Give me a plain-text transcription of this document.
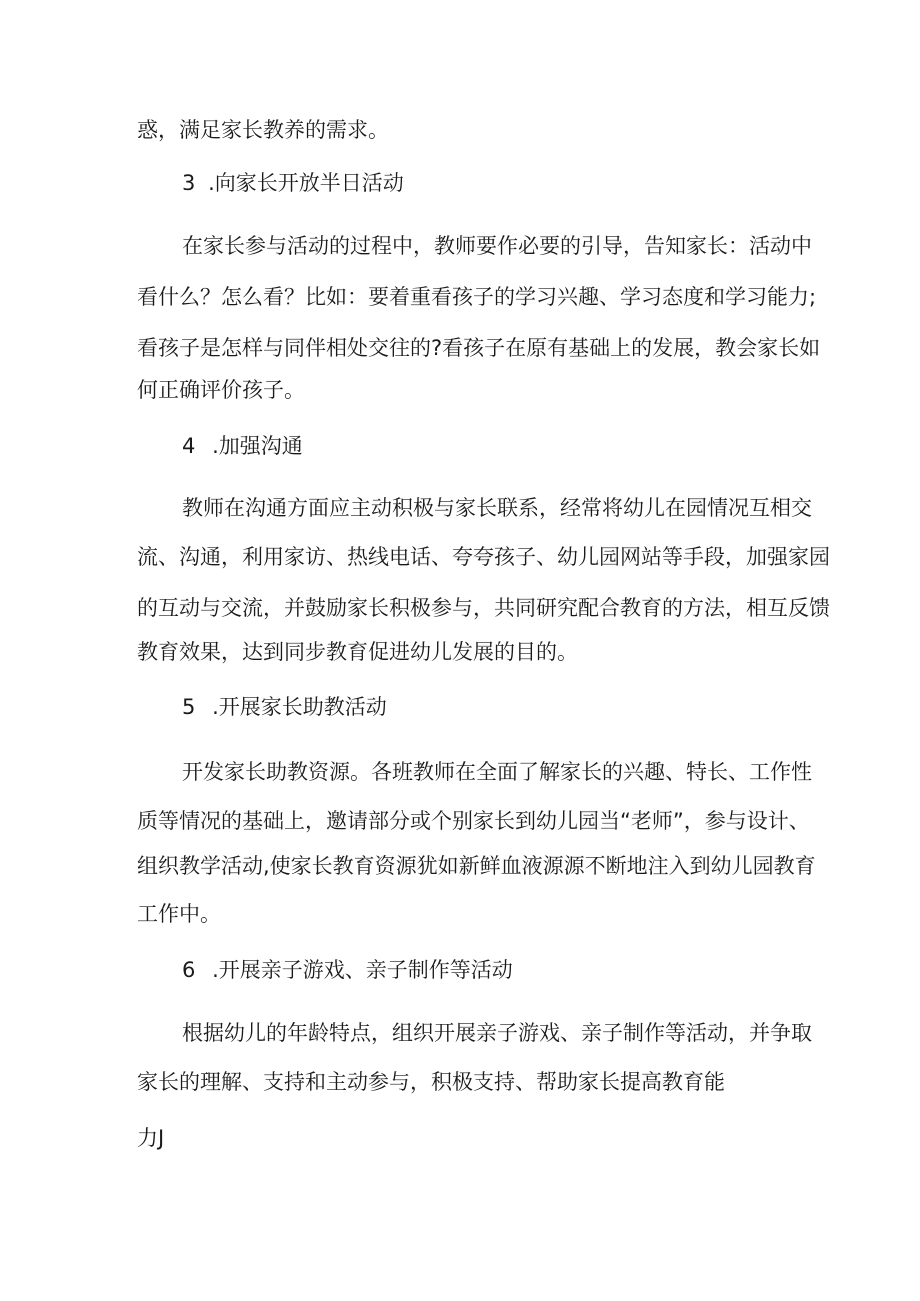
惑，满足家长教养的需求。
3 .向家长开放半日活动
在家长参与活动的过程中，教师要作必要的引导，告知家长：活动中
看什么？怎么看？比如：要着重看孩子的学习兴趣、学习态度和学习能力;
看孩子是怎样与同伴相处交往的?看孩子在原有基础上的发展，教会家长如
何正确评价孩子。
4 .加强沟通
教师在沟通方面应主动积极与家长联系，经常将幼儿在园情况互相交
流、沟通，利用家访、热线电话、夸夸孩子、幼儿园网站等手段，加强家园
的互动与交流，并鼓励家长积极参与，共同研究配合教育的方法，相互反馈
教育效果，达到同步教育促进幼儿发展的目的。
5 .开展家长助教活动
开发家长助教资源。各班教师在全面了解家长的兴趣、特长、工作性
质等情况的基础上，邀请部分或个别家长到幼儿园当“老师”，参与设计、
组织教学活动,使家长教育资源犹如新鲜血液源源不断地注入到幼儿园教育
工作中。
6 .开展亲子游戏、亲子制作等活动
根据幼儿的年龄特点，组织开展亲子游戏、亲子制作等活动，并争取
家长的理解、支持和主动参与，积极支持、帮助家长提高教育能
力J
